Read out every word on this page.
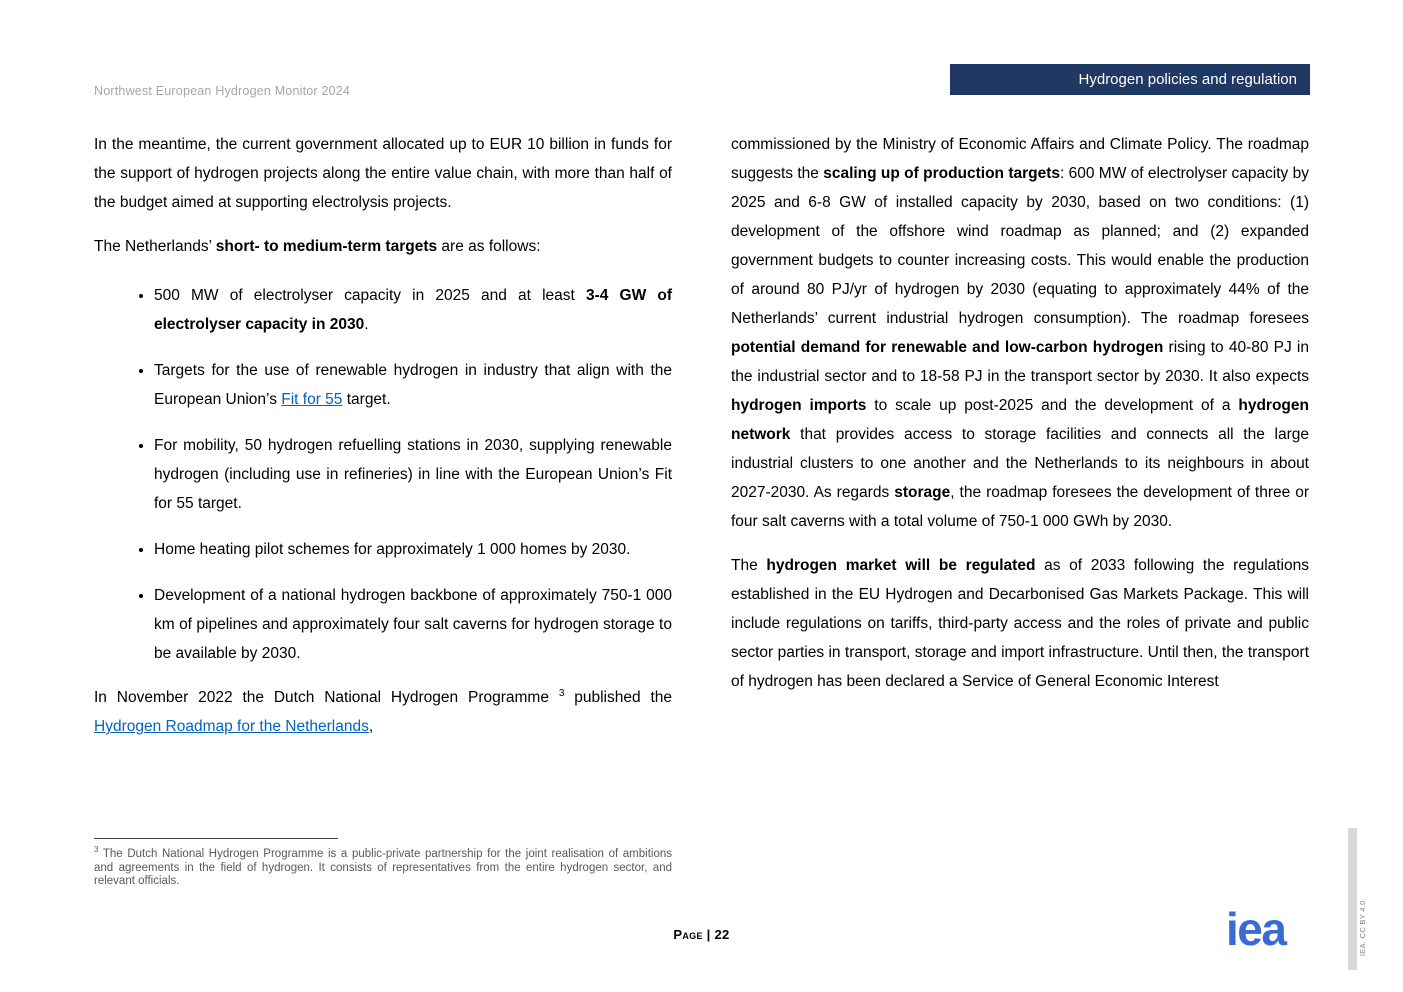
Northwest European Hydrogen Monitor 2024
Hydrogen policies and regulation

In the meantime, the current government allocated up to EUR 10 billion in funds for the support of hydrogen projects along the entire value chain, with more than half of the budget aimed at supporting electrolysis projects.

The Netherlands’ short- to medium-term targets are as follows:

• 500 MW of electrolyser capacity in 2025 and at least 3-4 GW of electrolyser capacity in 2030.
• Targets for the use of renewable hydrogen in industry that align with the European Union’s Fit for 55 target.
• For mobility, 50 hydrogen refuelling stations in 2030, supplying renewable hydrogen (including use in refineries) in line with the European Union’s Fit for 55 target.
• Home heating pilot schemes for approximately 1 000 homes by 2030.
• Development of a national hydrogen backbone of approximately 750-1 000 km of pipelines and approximately four salt caverns for hydrogen storage to be available by 2030.

In November 2022 the Dutch National Hydrogen Programme $^3$ published the Hydrogen Roadmap for the Netherlands,

commissioned by the Ministry of Economic Affairs and Climate Policy. The roadmap suggests the scaling up of production targets: 600 MW of electrolyser capacity by 2025 and 6-8 GW of installed capacity by 2030, based on two conditions: (1) development of the offshore wind roadmap as planned; and (2) expanded government budgets to counter increasing costs. This would enable the production of around 80 PJ/yr of hydrogen by 2030 (equating to approximately 44% of the Netherlands’ current industrial hydrogen consumption). The roadmap foresees potential demand for renewable and low-carbon hydrogen rising to 40-80 PJ in the industrial sector and to 18-58 PJ in the transport sector by 2030. It also expects hydrogen imports to scale up post-2025 and the development of a hydrogen network that provides access to storage facilities and connects all the large industrial clusters to one another and the Netherlands to its neighbours in about 2027-2030. As regards storage, the roadmap foresees the development of three or four salt caverns with a total volume of 750-1 000 GWh by 2030.

The hydrogen market will be regulated as of 2033 following the regulations established in the EU Hydrogen and Decarbonised Gas Markets Package. This will include regulations on tariffs, third-party access and the roles of private and public sector parties in transport, storage and import infrastructure. Until then, the transport of hydrogen has been declared a Service of General Economic Interest

$^3$ The Dutch National Hydrogen Programme is a public-private partnership for the joint realisation of ambitions and agreements in the field of hydrogen. It consists of representatives from the entire hydrogen sector, and relevant officials.

Page | 22	iea	IEA. CC BY 4.0.
